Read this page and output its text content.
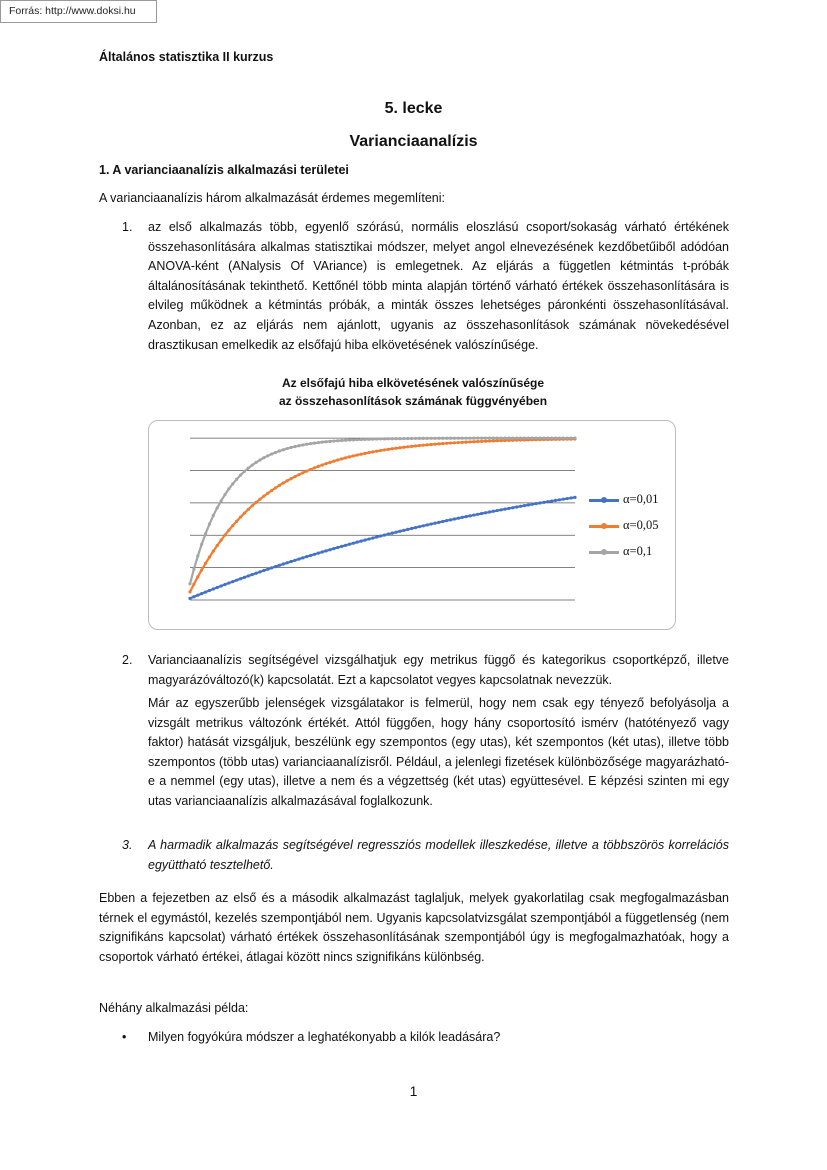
Forrás: http://www.doksi.hu
Általános statisztika II kurzus
5. lecke
Varianciaanalízis
1. A varianciaanalízis alkalmazási területei
A varianciaanalízis három alkalmazását érdemes megemlíteni:
1. az első alkalmazás több, egyenlő szórású, normális eloszlású csoport/sokaság várható értékének összehasonlítására alkalmas statisztikai módszer, melyet angol elnevezésének kezdőbetűiből adódóan ANOVA-ként (ANalysis Of VAriance) is emlegetnek. Az eljárás a független kétmintás t-próbák általánosításának tekinthető. Kettőnél több minta alapján történő várható értékek összehasonlítására is elvileg működnek a kétmintás próbák, a minták összes lehetséges páronkénti összehasonlításával. Azonban, ez az eljárás nem ajánlott, ugyanis az összehasonlítások számának növekedésével drasztikusan emelkedik az elsőfajú hiba elkövetésének valószínűsége.
Az elsőfajú hiba elkövetésének valószínűsége
az összehasonlítások számának függvényében
α=0,01
α=0,05
α=0,1
2. Varianciaanalízis segítségével vizsgálhatjuk egy metrikus függő és kategorikus csoportképző, illetve magyarázóváltozó(k) kapcsolatát. Ezt a kapcsolatot vegyes kapcsolatnak nevezzük.
Már az egyszerűbb jelenségek vizsgálatakor is felmerül, hogy nem csak egy tényező befolyásolja a vizsgált metrikus változónk értékét. Attól függően, hogy hány csoportosító ismérv (hatótényező vagy faktor) hatását vizsgáljuk, beszélünk egy szempontos (egy utas), két szempontos (két utas), illetve több szempontos (több utas) varianciaanalízisről. Például, a jelenlegi fizetések különbözősége magyarázható-e a nemmel (egy utas), illetve a nem és a végzettség (két utas) együttesével. E képzési szinten mi egy utas varianciaanalízis alkalmazásával foglalkozunk.
3. A harmadik alkalmazás segítségével regressziós modellek illeszkedése, illetve a többszörös korrelációs együttható tesztelhető.
Ebben a fejezetben az első és a második alkalmazást taglaljuk, melyek gyakorlatilag csak megfogalmazásban térnek el egymástól, kezelés szempontjából nem. Ugyanis kapcsolatvizsgálat szempontjából a függetlenség (nem szignifikáns kapcsolat) várható értékek összehasonlításának szempontjából úgy is megfogalmazhatóak, hogy a csoportok várható értékei, átlagai között nincs szignifikáns különbség.
Néhány alkalmazási példa:
• Milyen fogyókúra módszer a leghatékonyabb a kilók leadására?
1
